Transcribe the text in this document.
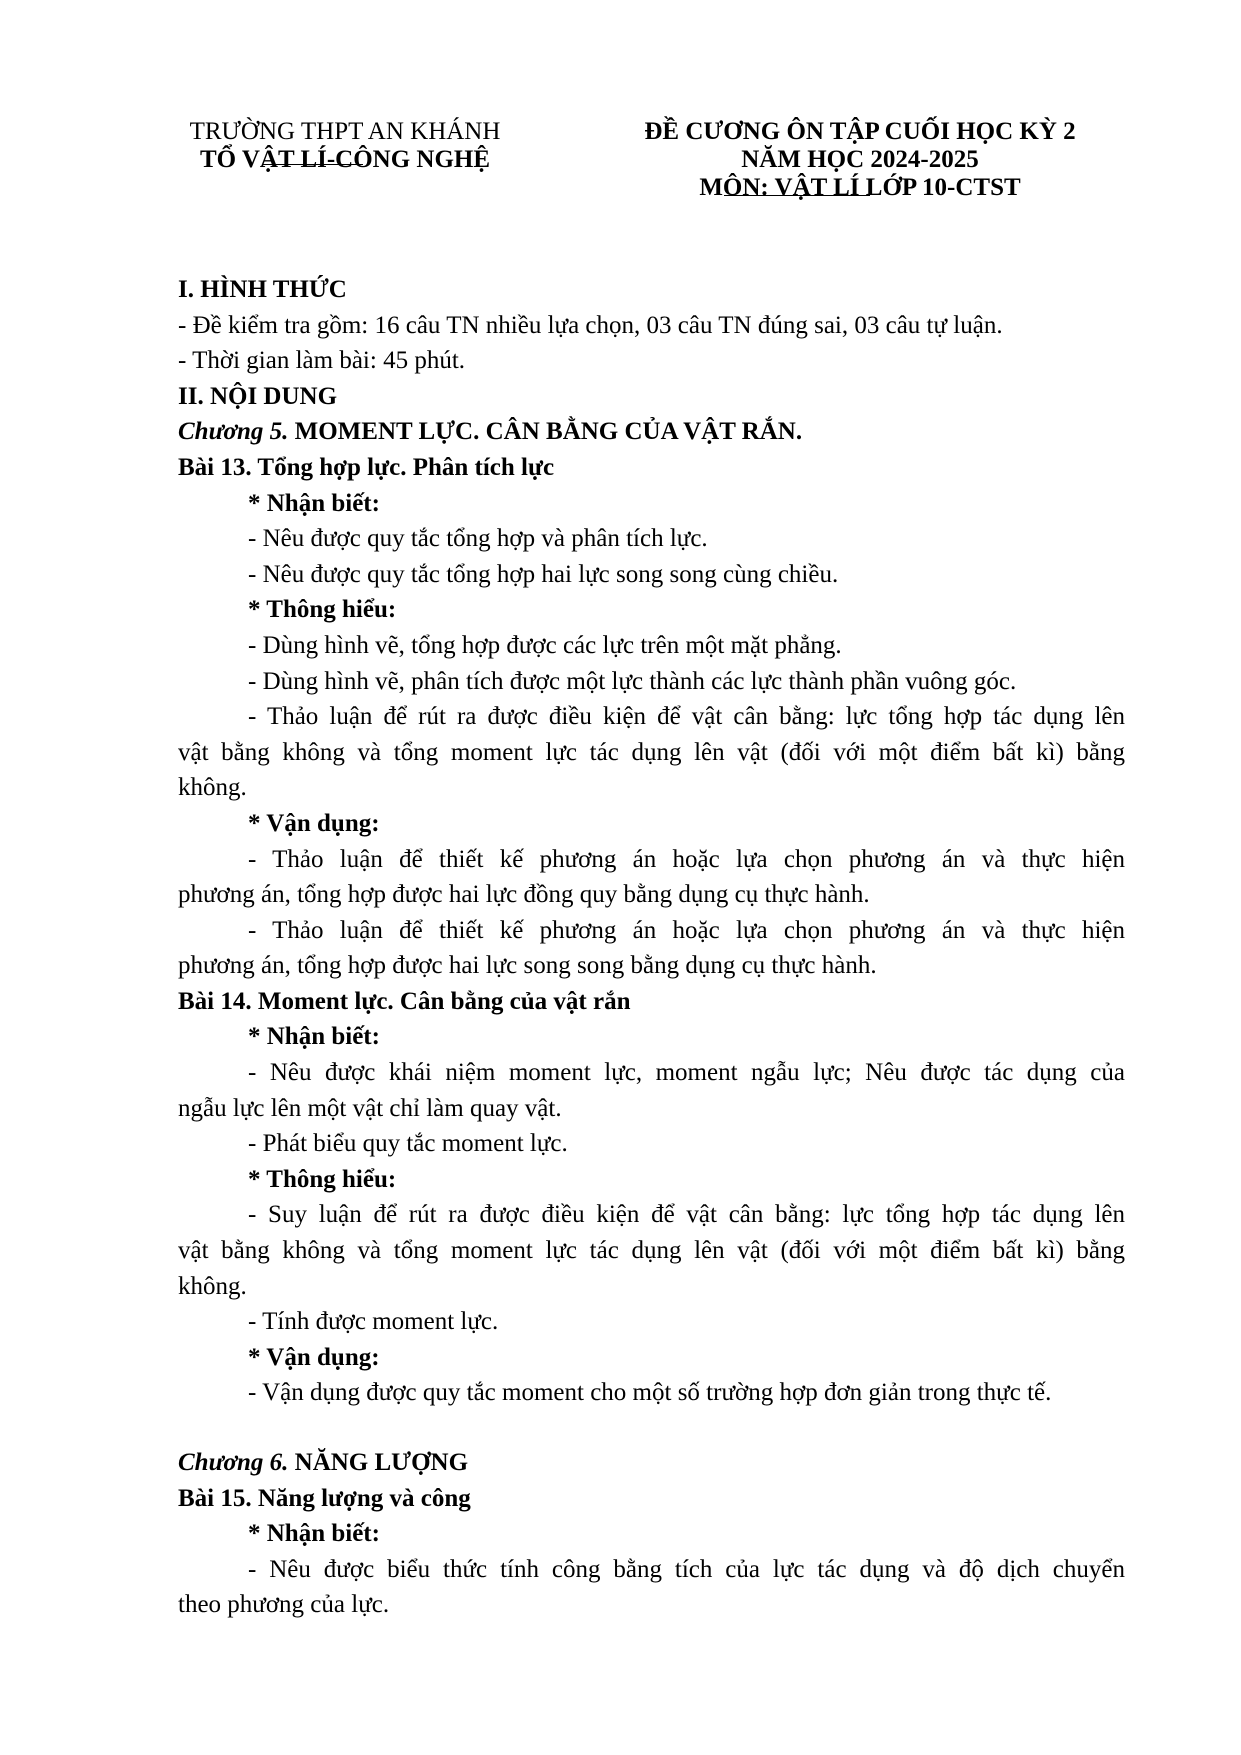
TRƯỜNG THPT AN KHÁNH
TỔ VẬT LÍ-CÔNG NGHỆ
ĐỀ CƯƠNG ÔN TẬP CUỐI HỌC KỲ 2
NĂM HỌC 2024-2025
MÔN: VẬT LÍ LỚP 10-CTST
I. HÌNH THỨC
- Đề kiểm tra gồm: 16 câu TN nhiều lựa chọn, 03 câu TN đúng sai, 03 câu tự luận.
- Thời gian làm bài: 45 phút.
II. NỘI DUNG
Chương 5. MOMENT LỰC. CÂN BẰNG CỦA VẬT RẮN.
Bài 13. Tổng hợp lực. Phân tích lực
* Nhận biết:
- Nêu được quy tắc tổng hợp và phân tích lực.
- Nêu được quy tắc tổng hợp hai lực song song cùng chiều.
* Thông hiểu:
- Dùng hình vẽ, tổng hợp được các lực trên một mặt phẳng.
- Dùng hình vẽ, phân tích được một lực thành các lực thành phần vuông góc.
- Thảo luận để rút ra được điều kiện để vật cân bằng: lực tổng hợp tác dụng lên
vật bằng không và tổng moment lực tác dụng lên vật (đối với một điểm bất kì) bằng
không.
* Vận dụng:
- Thảo luận để thiết kế phương án hoặc lựa chọn phương án và thực hiện
phương án, tổng hợp được hai lực đồng quy bằng dụng cụ thực hành.
- Thảo luận để thiết kế phương án hoặc lựa chọn phương án và thực hiện
phương án, tổng hợp được hai lực song song bằng dụng cụ thực hành.
Bài 14. Moment lực. Cân bằng của vật rắn
* Nhận biết:
- Nêu được khái niệm moment lực, moment ngẫu lực; Nêu được tác dụng của
ngẫu lực lên một vật chỉ làm quay vật.
- Phát biểu quy tắc moment lực.
* Thông hiểu:
- Suy luận để rút ra được điều kiện để vật cân bằng: lực tổng hợp tác dụng lên
vật bằng không và tổng moment lực tác dụng lên vật (đối với một điểm bất kì) bằng
không.
- Tính được moment lực.
* Vận dụng:
- Vận dụng được quy tắc moment cho một số trường hợp đơn giản trong thực tế.
Chương 6. NĂNG LƯỢNG
Bài 15. Năng lượng và công
* Nhận biết:
- Nêu được biểu thức tính công bằng tích của lực tác dụng và độ dịch chuyển
theo phương của lực.
